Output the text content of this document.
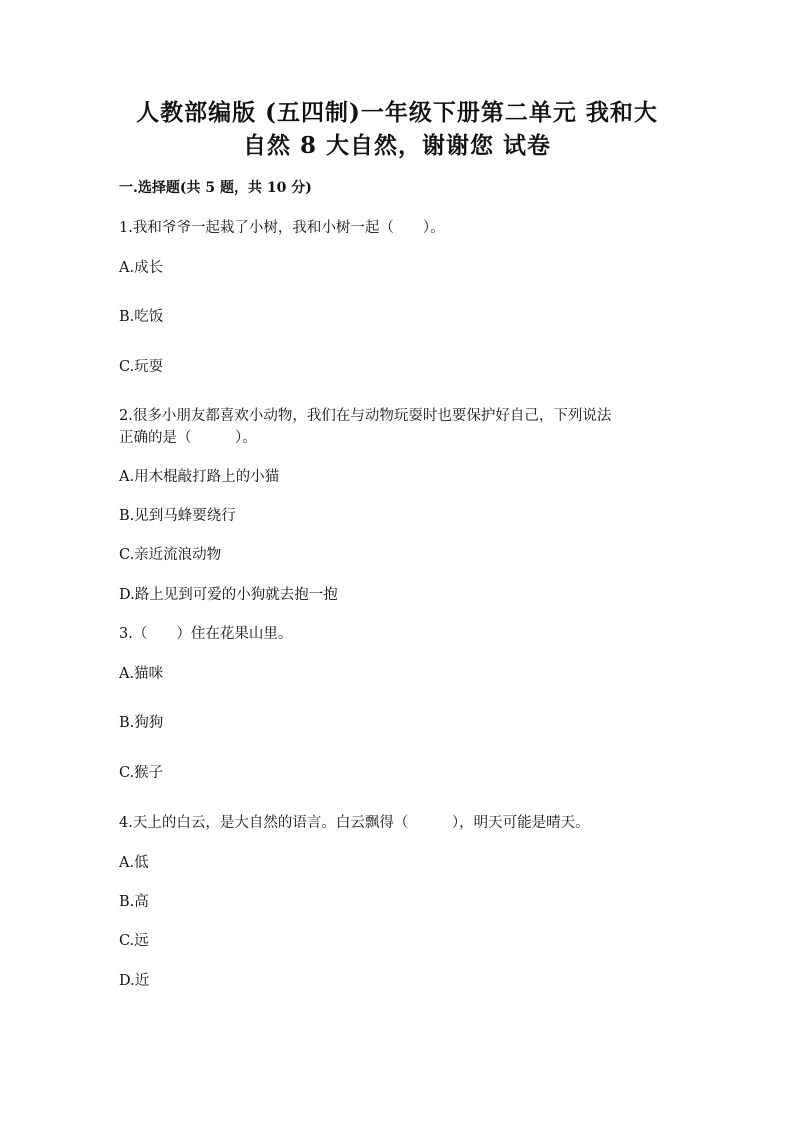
人教部编版 (五四制)一年级下册第二单元 我和大
自然 8 大自然，谢谢您 试卷
一.选择题(共 5 题，共 10 分)
1.我和爷爷一起栽了小树，我和小树一起（　　）。
A.成长
B.吃饭
C.玩耍
2.很多小朋友都喜欢小动物，我们在与动物玩耍时也要保护好自己，下列说法
正确的是（　　　）。
A.用木棍敲打路上的小猫
B.见到马蜂要绕行
C.亲近流浪动物
D.路上见到可爱的小狗就去抱一抱
3.（　　）住在花果山里。
A.猫咪
B.狗狗
C.猴子
4.天上的白云，是大自然的语言。白云飘得（　　　），明天可能是晴天。
A.低
B.高
C.远
D.近
